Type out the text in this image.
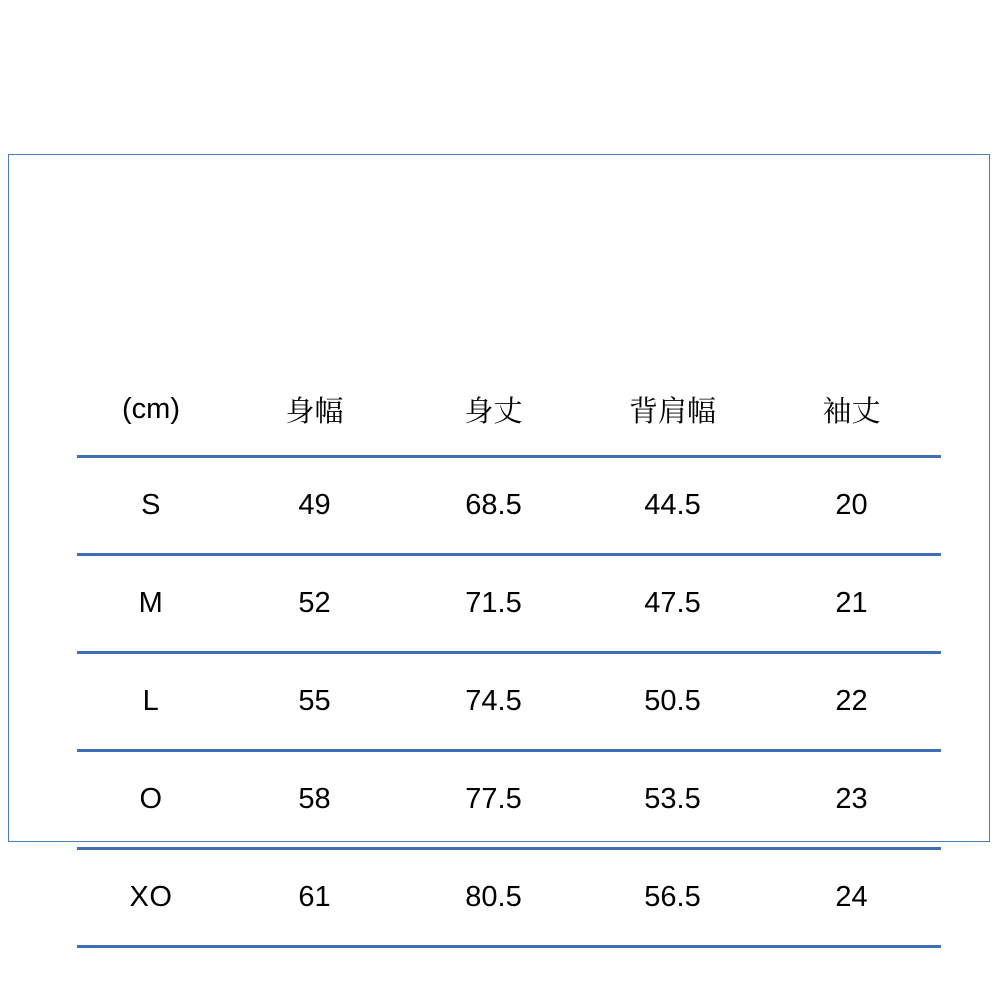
(cm)	身幅	身丈	背肩幅	袖丈
S	49	68.5	44.5	20
M	52	71.5	47.5	21
L	55	74.5	50.5	22
O	58	77.5	53.5	23
XO	61	80.5	56.5	24
